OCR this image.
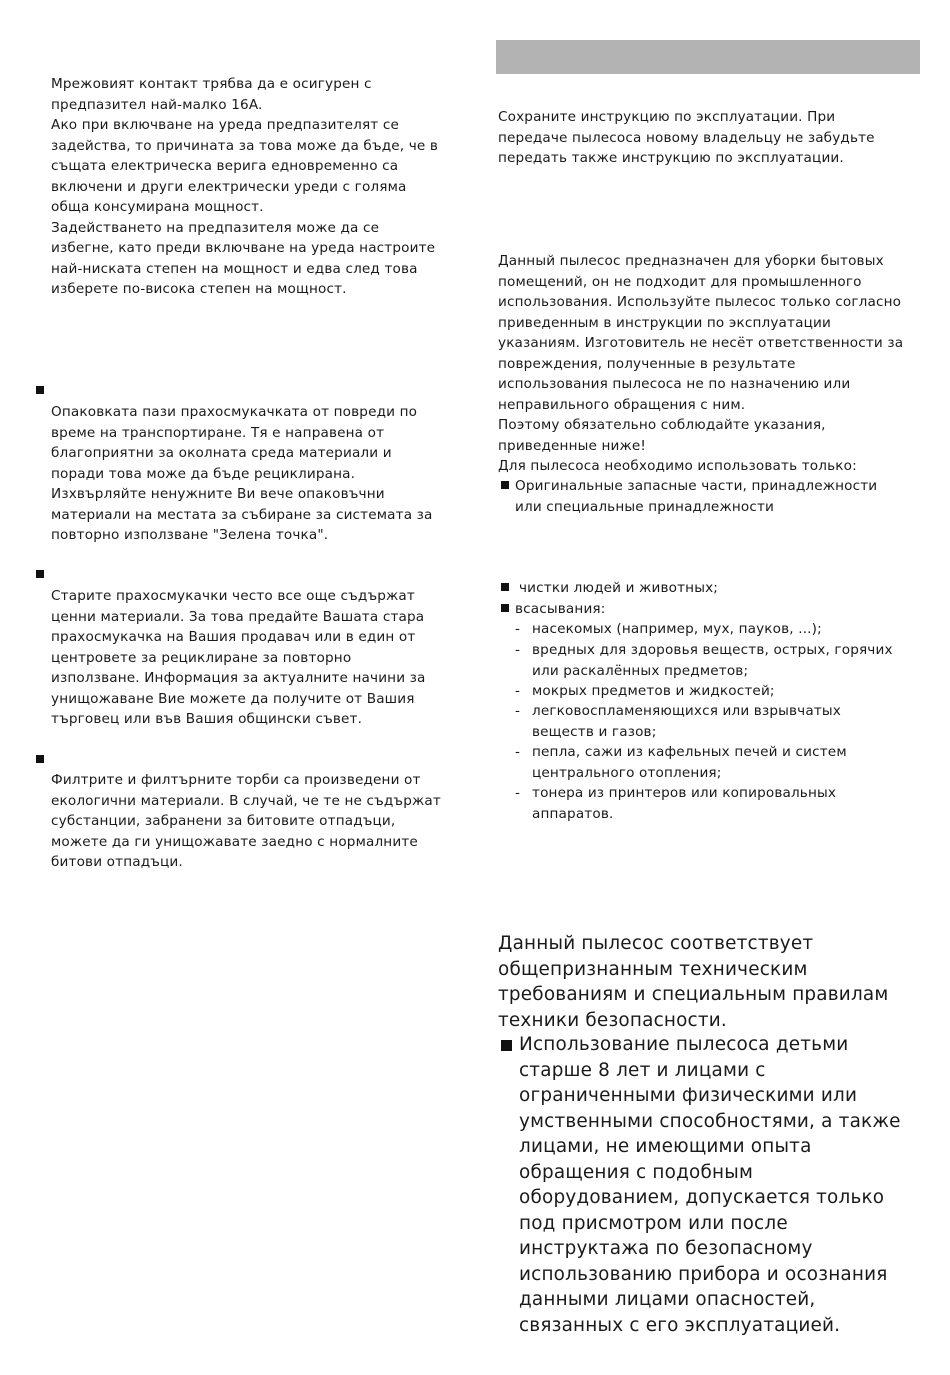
Мрежовият контакт трябва да е осигурен с
предпазител най-малко 16A.
Ако при включване на уреда предпазителят се
задейства, то причината за това може да бъде, че в
същата електрическа верига едновременно са
включени и други електрически уреди с голяма
обща консумирана мощност.
Задействането на предпазителя може да се
избегне, като преди включване на уреда настроите
най-ниската степен на мощност и едва след това
изберете по-висока степен на мощност.

Опаковката пази прахосмукачката от повреди по
време на транспортиране. Тя е направена от
благоприятни за околната среда материали и
поради това може да бъде рециклирана.
Изхвърляйте ненужните Ви вече опаковъчни
материали на местата за събиране за системата за
повторно използване "Зелена точка".

Старите прахосмукачки често все още съдържат
ценни материали. За това предайте Вашата стара
прахосмукачка на Вашия продавач или в един от
центровете за рециклиране за повторно
използване. Информация за актуалните начини за
унищожаване Вие можете да получите от Вашия
търговец или във Вашия общински съвет.

Филтрите и филтърните торби са произведени от
екологични материали. В случай, че те не съдържат
субстанции, забранени за битовите отпадъци,
можете да ги унищожавате заедно с нормалните
битови отпадъци.

Сохраните инструкцию по эксплуатации. При
передаче пылесоса новому владельцу не забудьте
передать также инструкцию по эксплуатации.

Данный пылесос предназначен для уборки бытовых
помещений, он не подходит для промышленного
использования. Используйте пылесос только согласно
приведенным в инструкции по эксплуатации
указаниям. Изготовитель не несёт ответственности за
повреждения, полученные в результате
использования пылесоса не по назначению или
неправильного обращения с ним.
Поэтому обязательно соблюдайте указания,
приведенные ниже!
Для пылесоса необходимо использовать только:

Оригинальные запасные части, принадлежности
или специальные принадлежности

чистки людей и животных;

всасывания:

- насекомых (например, мух, пауков, ...);

- вредных для здоровья веществ, острых, горячих
или раскалённых предметов;

- мокрых предметов и жидкостей;

- легковоспламеняющихся или взрывчатых
веществ и газов;

- пепла, сажи из кафельных печей и систем
центрального отопления;

- тонера из принтеров или копировальных
аппаратов.

Данный пылесос соответствует
общепризнанным техническим
требованиям и специальным правилам
техники безопасности.

Использование пылесоса детьми
старше 8 лет и лицами с
ограниченными физическими или
умственными способностями, а также
лицами, не имеющими опыта
обращения с подобным
оборудованием, допускается только
под присмотром или после
инструктажа по безопасному
использованию прибора и осознания
данными лицами опасностей,
связанных с его эксплуатацией.
